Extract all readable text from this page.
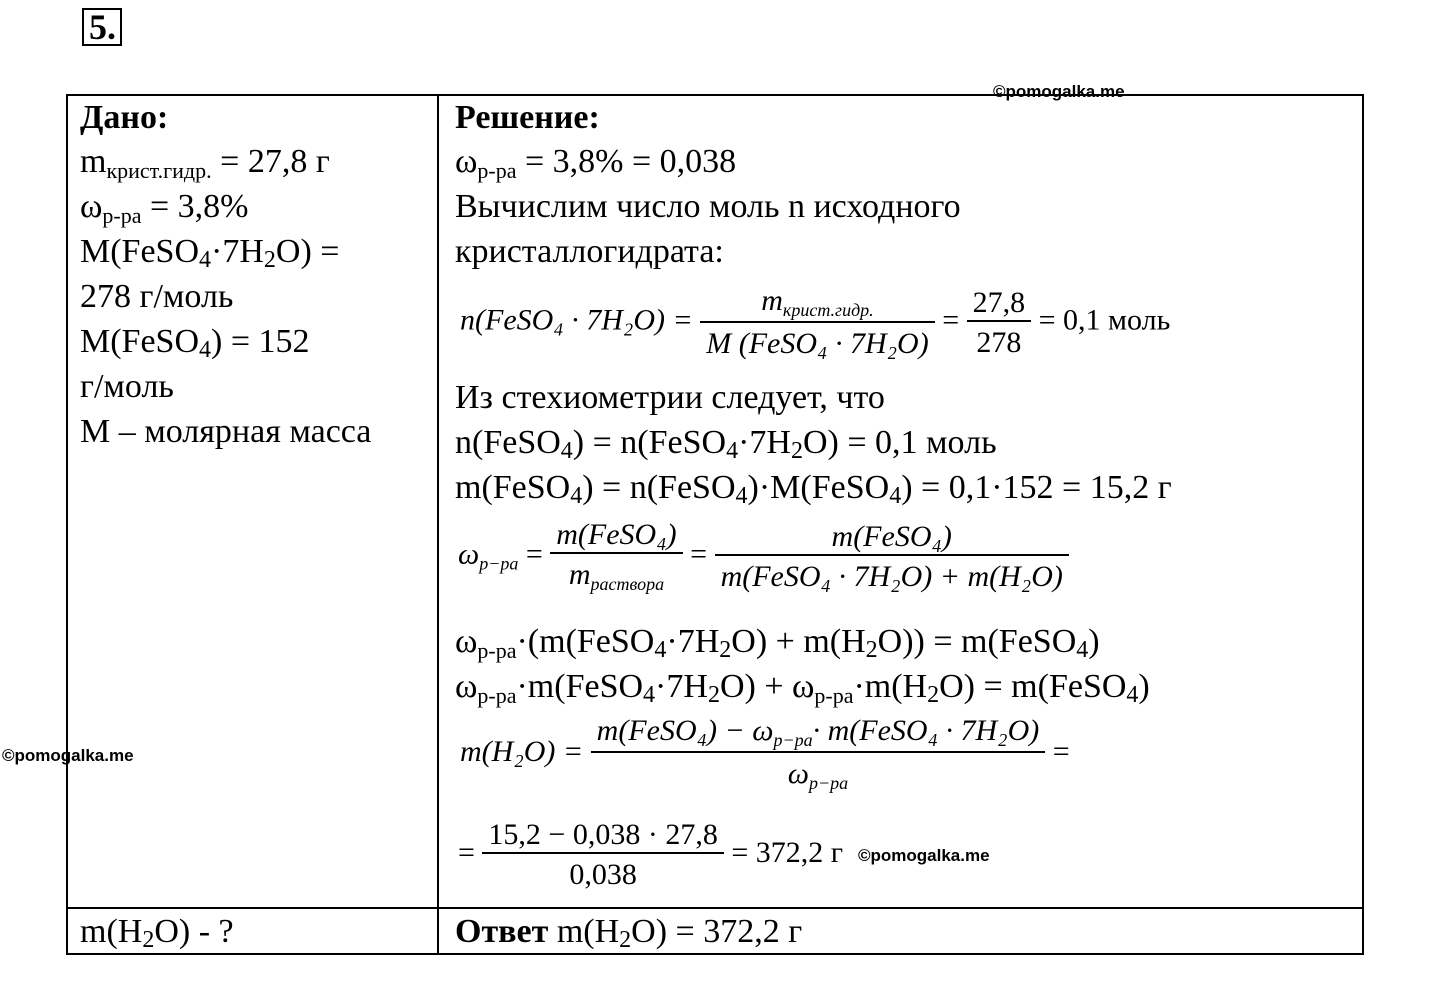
5.
©pomogalka.me
©pomogalka.me
©pomogalka.me
Дано:
$m_{крист.гидр.} = 27,8$ г
$\omega_{р-ра} = 3,8\%$
M(FeSO4·7H2O) =
278 г/моль
M(FeSO4) = 152
г/моль
M – молярная масса
m(H2O) - ?
Решение:
$\omega_{р-ра} = 3,8\% = 0,038$
Вычислим число моль n исходного
кристаллогидрата:
n(FeSO₄ · 7H₂O) =
$m_{крист.гидр.}$
M (FeSO₄ · 7H₂O)
= $\frac{27,8}{278} = 0,1$ моль
Из стехиометрии следует, что
n(FeSO4) = n(FeSO4·7H2O) = 0,1 моль
m(FeSO4) = n(FeSO4)·M(FeSO4) = 0,1·152 = 15,2 г
$\omega_{р-ра}$ =
m(FeSO₄)
$m_{раствора}$
=
m(FeSO₄)
m(FeSO₄ · 7H₂O) + m(H₂O)
$\omega_{р-ра}\cdot(m(FeSO4\cdot 7H2O) + m(H2O))$ = m(FeSO4)
$\omega_{р-ра}\cdot m(FeSO4\cdot 7H2O) + \omega_{р-ра}\cdot m(H2O)$ = m(FeSO4)
m(H₂O) =
m(FeSO₄) − $\omega_{р-ра}\cdot$ m(FeSO₄ · 7H₂O)
$\omega_{р-ра}$
=
= $\frac{15,2 - 0,038 \cdot 27,8}{0,038} = 372,2$ г
Ответ m(H2O) = 372,2 г
